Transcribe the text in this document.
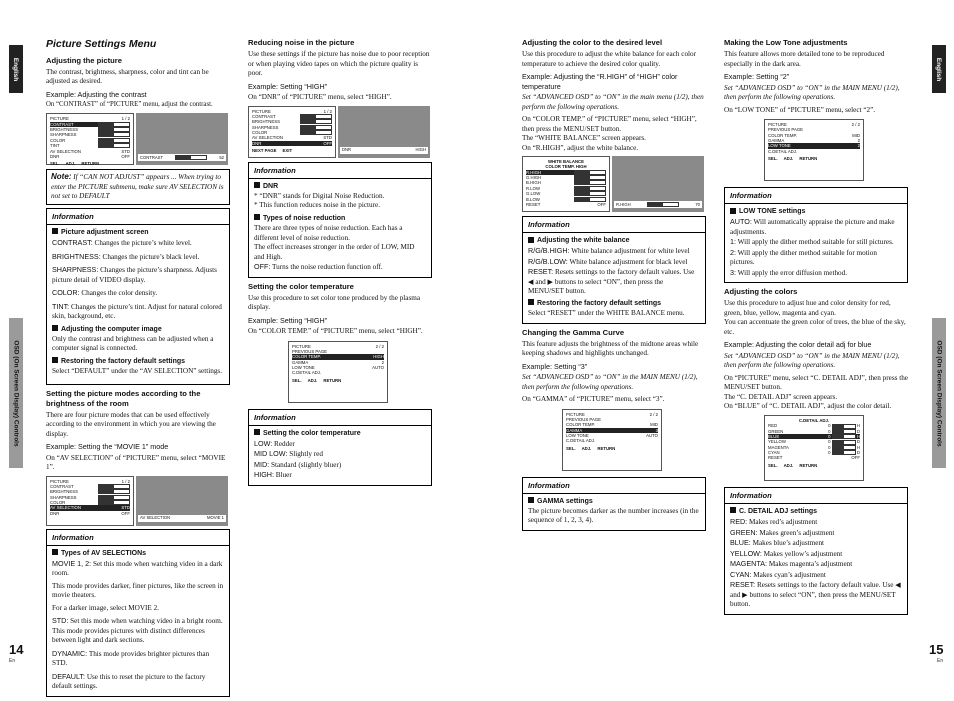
English
OSD (On Screen Display) Controls
English
OSD (On Screen Display) Controls
14
En
15
En
Picture Settings Menu
Adjusting the picture

The contrast, brightness, sharpness, color and tint can be adjusted as desired.

Example: Adjusting the contrast

On “CONTRAST” of “PICTURE” menu, adjust the contrast.

PICTURE	1 / 2
CONTRAST
BRIGHTNESS
SHARPNESS
COLOR
TINT
AV SELECTION	STD
DNR	OFF
SEL. ADJ. RETURN
CONTRAST	52
Note: If “CAN NOT ADJUST” appears ... When trying to enter the PICTURE submenu, make sure AV SELECTION is not set to DEFAULT
Information
Picture adjustment screen

CONTRAST: Changes the picture’s white level.

BRIGHTNESS: Changes the picture’s black level.

SHARPNESS: Changes the picture’s sharpness. Adjusts picture detail of VIDEO display.

COLOR: Changes the color density.

TINT: Changes the picture’s tint. Adjust for natural colored skin, background, etc.

Adjusting the computer image

Only the contrast and brightness can be adjusted when a computer signal is connected.

Restoring the factory default settings

Select “DEFAULT” under the “AV SELECTION” settings.

Setting the picture modes according to the brightness of the room

There are four picture modes that can be used effectively according to the environment in which you are viewing the display.

Example: Setting the “MOVIE 1” mode

On “AV SELECTION” of “PICTURE” menu, select “MOVIE 1”.

PICTURE	1 / 2
CONTRAST
BRIGHTNESS
SHARPNESS
COLOR
AV SELECTION	STD
DNR	OFF
AV SELECTION	MOVIE 1
Information
Types of AV SELECTIONs

MOVIE 1, 2: Set this mode when watching video in a dark room.

This mode provides darker, finer pictures, like the screen in movie theaters.

For a darker image, select MOVIE 2.

STD: Set this mode when watching video in a bright room. This mode provides pictures with distinct differences between light and dark sections.

DYNAMIC: This mode provides brighter pictures than STD.

DEFAULT: Use this to reset the picture to the factory default settings.

Reducing noise in the picture

Use these settings if the picture has noise due to poor reception or when playing video tapes on which the picture quality is poor.

Example: Setting “HIGH”

On “DNR” of “PICTURE” menu, select “HIGH”.

PICTURE	1 / 2
CONTRAST
BRIGHTNESS
SHARPNESS
COLOR
AV SELECTION	STD
DNR	OFF
NEXT PAGE EXIT	DNR	HIGH
Information
DNR

* “DNR” stands for Digital Noise Reduction.

* This function reduces noise in the picture.

Types of noise reduction

There are three types of noise reduction. Each has a different level of noise reduction.

The effect increases stronger in the order of LOW, MID and High.

OFF: Turns the noise reduction function off.

Setting the color temperature

Use this procedure to set color tone produced by the plasma display.

Example: Setting “HIGH”

On “COLOR TEMP.” of “PICTURE” menu, select “HIGH”.

PICTURE	2 / 2
PREVIOUS PAGE
COLOR TEMP.	HIGH
GAMMA	2
LOW TONE	AUTO
C.DETAIL ADJ.
SEL. ADJ. RETURN
Information
Setting the color temperature

LOW: Redder

MID LOW: Slightly red

MID: Standard (slightly bluer)

HIGH: Bluer

Adjusting the color to the desired level

Use this procedure to adjust the white balance for each color temperature to achieve the desired color quality.

Example: Adjusting the “R.HIGH” of “HIGH” color temperature

Set “ADVANCED OSD” to “ON” in the main menu (1/2), then perform the following operations.

On “COLOR TEMP.” of “PICTURE” menu, select “HIGH”, then press the MENU/SET button.

The “WHITE BALANCE” screen appears.

On “R.HIGH”, adjust the white balance.

WHITE BALANCE
COLOR TEMP. HIGH
R.HIGH
G.HIGH
B.HIGH
R.LOW
G.LOW
B.LOW
RESET	OFF R.HIGH	70
Information
Adjusting the white balance

R/G/B.HIGH: White balance adjustment for white level

R/G/B.LOW: White balance adjustment for black level

RESET: Resets settings to the factory default values. Use ◀ and ▶ buttons to select “ON”, then press the MENU/SET button.

Restoring the factory default settings

Select “RESET” under the WHITE BALANCE menu.

Changing the Gamma Curve

This feature adjusts the brightness of the midtone areas while keeping shadows and highlights unchanged.

Example: Setting “3”

Set “ADVANCED OSD” to “ON” in the MAIN MENU (1/2), then perform the following operations.

On “GAMMA” of “PICTURE” menu, select “3”.

PICTURE	2 / 2
PREVIOUS PAGE
COLOR TEMP.	MID
GAMMA	3
LOW TONE	AUTO
C.DETAIL ADJ.
SEL. ADJ. RETURN
Information
GAMMA settings

The picture becomes darker as the number increases (in the sequence of 1, 2, 3, 4).

Making the Low Tone adjustments

This feature allows more detailed tone to be reproduced especially in the dark area.

Example: Setting “2”

Set “ADVANCED OSD” to “ON” in the MAIN MENU (1/2), then perform the following operations.

On “LOW TONE” of “PICTURE” menu, select “2”.

PICTURE	2 / 2
PREVIOUS PAGE
COLOR TEMP.	MID
GAMMA	2
LOW TONE	2
C.DETAIL ADJ.
SEL. ADJ. RETURN
Information
LOW TONE settings

AUTO: Will automatically appraise the picture and make adjustments.

1: Will apply the dither method suitable for still pictures.

2: Will apply the dither method suitable for motion pictures.

3: Will apply the error diffusion method.

Adjusting the colors

Use this procedure to adjust hue and color density for red, green, blue, yellow, magenta and cyan.

You can accentuate the green color of trees, the blue of the sky, etc.

Example: Adjusting the color detail adj for blue

Set “ADVANCED OSD” to “ON” in the MAIN MENU (1/2), then perform the following operations.

On “PICTURE” menu, select “C. DETAIL ADJ”, then press the MENU/SET button.

The “C. DETAIL ADJ” screen appears.

On “BLUE” of “C. DETAIL ADJ”, adjust the color detail.

C.DETAIL ADJ.
RED	0	H
GREEN	0	D
BLUE	0	H
YELLOW	0	D
MAGENTA	0	H
CYAN	0	D
RESET	OFF
SEL. ADJ. RETURN
Information
C. DETAIL ADJ settings

RED: Makes red’s adjustment

GREEN: Makes green’s adjustment

BLUE: Makes blue’s adjustment

YELLOW: Makes yellow’s adjustment

MAGENTA: Makes magenta’s adjustment

CYAN: Makes cyan’s adjustment

RESET: Resets settings to the factory default value. Use ◀ and ▶ buttons to select “ON”, then press the MENU/SET button.
